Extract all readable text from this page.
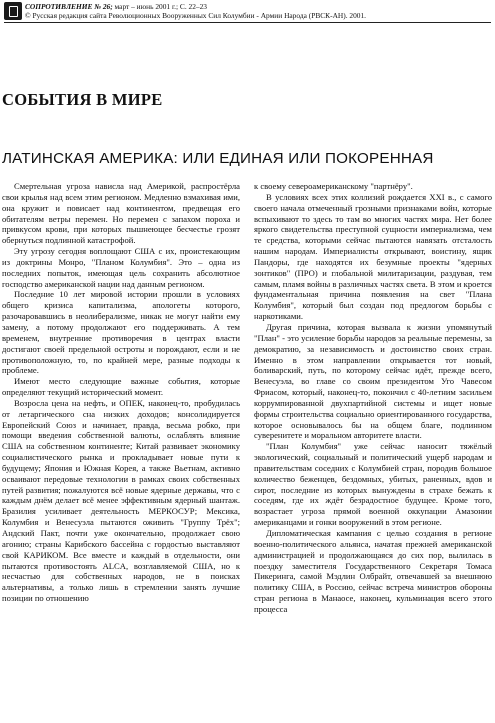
СОПРОТИВЛЕНИЕ № 26; март – июнь 2001 г.; С. 22–23
© Русская редакция сайта Революционных Вооруженных Сил Колумбии - Армии Народа (РВСК-АН). 2001.
СОБЫТИЯ В МИРЕ
ЛАТИНСКАЯ АМЕРИКА: ИЛИ ЕДИНАЯ ИЛИ ПОКОРЕННАЯ

Смертельная угроза нависла над Америкой, распростёрла свои крылья над всем этим регионом. Медленно взмахивая ими, она кружит и повисает над континентом, предвещая его обитателям ветры перемен. Но перемен с запахом пороха и привкусом крови, при которых пышнеющее бесчестье грозят обернуться подлинной катастрофой.

Эту угрозу сегодня воплощают США с их, проистекающим из доктрины Монро, "Планом Колумбия". Это – одна из последних попыток, имеющая цель сохранить абсолютное господство американской нации над данным регионом.

Последние 10 лет мировой истории прошли в условиях общего кризиса капитализма, апологеты которого, разочаровавшись в неолиберализме, никак не могут найти ему замену, а потому продолжают его поддерживать. А тем временем, внутренние противоречия в центрах власти достигают своей предельной остроты и порождают, если и не противоположную, то, по крайней мере, разные подходы к проблеме.

Имеют место следующие важные события, которые определяют текущий исторический момент.

Возросла цена на нефть, и ОПЕК, наконец-то, пробудилась от летаргического сна низких доходов; консолидируется Европейский Союз и начинает, правда, весьма робко, при помощи введения собственной валюты, ослаблять влияние США на собственном континенте; Китай развивает экономику социалистического рынка и прокладывает новые пути к будущему; Япония и Южная Корея, а также Вьетнам, активно осваивают передовые технологии в рамках своих собственных путей развития; пожалуются всё новые ядерные державы, что с каждым днём делает всё менее эффективным ядерный шантаж. Бразилия усиливает деятельность МЕРКОСУР; Мексика, Колумбия и Венесуэла пытаются оживить "Группу Трёх"; Андский Пакт, почти уже окончательно, продолжает свою агонию; страны Карибского бассейна с гордостью выставляют свой КАРИКОМ. Все вместе и каждый в отдельности, они пытаются противостоять ALCA, возглавляемой США, но к несчастью для собственных народов, не в поисках альтернативы, а только лишь в стремлении занять лучшие позиции по отношению

к своему североамериканскому "партнёру".

В условиях всех этих коллизий рождается XXI в., с самого своего начала отмеченный грозными признаками войн, которые вспыхивают то здесь то там во многих частях мира. Нет более яркого свидетельства преступной сущности империализма, чем те средства, которыми сейчас пытаются навязать отсталость нашим народам. Империалисты открывают, воистину, ящик Пандоры, где находятся их безумные проекты "ядерных зонтиков" (ПРО) и глобальной милитаризации, раздувая, тем самым, пламя войны в различных частях света. В этом и кроется фундаментальная причина появления на свет "Плана Колумбия", который был создан под предлогом борьбы с наркотиками.

Другая причина, которая вызвала к жизни упомянутый "План" - это усиление борьбы народов за реальные перемены, за демократию, за независимость и достоинство своих стран. Именно в этом направлении открывается тот новый, боливарский, путь, по которому сейчас идёт, прежде всего, Венесуэла, во главе со своим президентом Уго Чавесом Фриасом, который, наконец-то, покончил с 40-летним засильем коррумпированной двухпартийной системы и ищет новые формы строительства социально ориентированного государства, которое основывалось бы на общем благе, подлинном суверенитете и моральном авторитете власти.

"План Колумбия" уже сейчас наносит тяжёлый экологический, социальный и политический ущерб народам и правительствам соседних с Колумбией стран, породив большое количество беженцев, бездомных, убитых, раненных, вдов и сирот, последние из которых вынуждены в страхе бежать к соседям, где их ждёт безрадостное будущее. Кроме того, возрастает угроза прямой военной оккупации Амазонии американцами и гонки вооружений в этом регионе.

Дипломатическая кампания с целью создания в регионе военно-политического альянса, начатая прежней американской администрацией и продолжающаяся до сих пор, вылилась в поездку заместителя Государственного Секретаря Томаса Пикеринга, самой Мэдлин Олбрайт, отвечавшей за внешнюю политику США, в Россию, сейчас встреча министров обороны стран региона в Манаосе, наконец, кульминация всего этого процесса
